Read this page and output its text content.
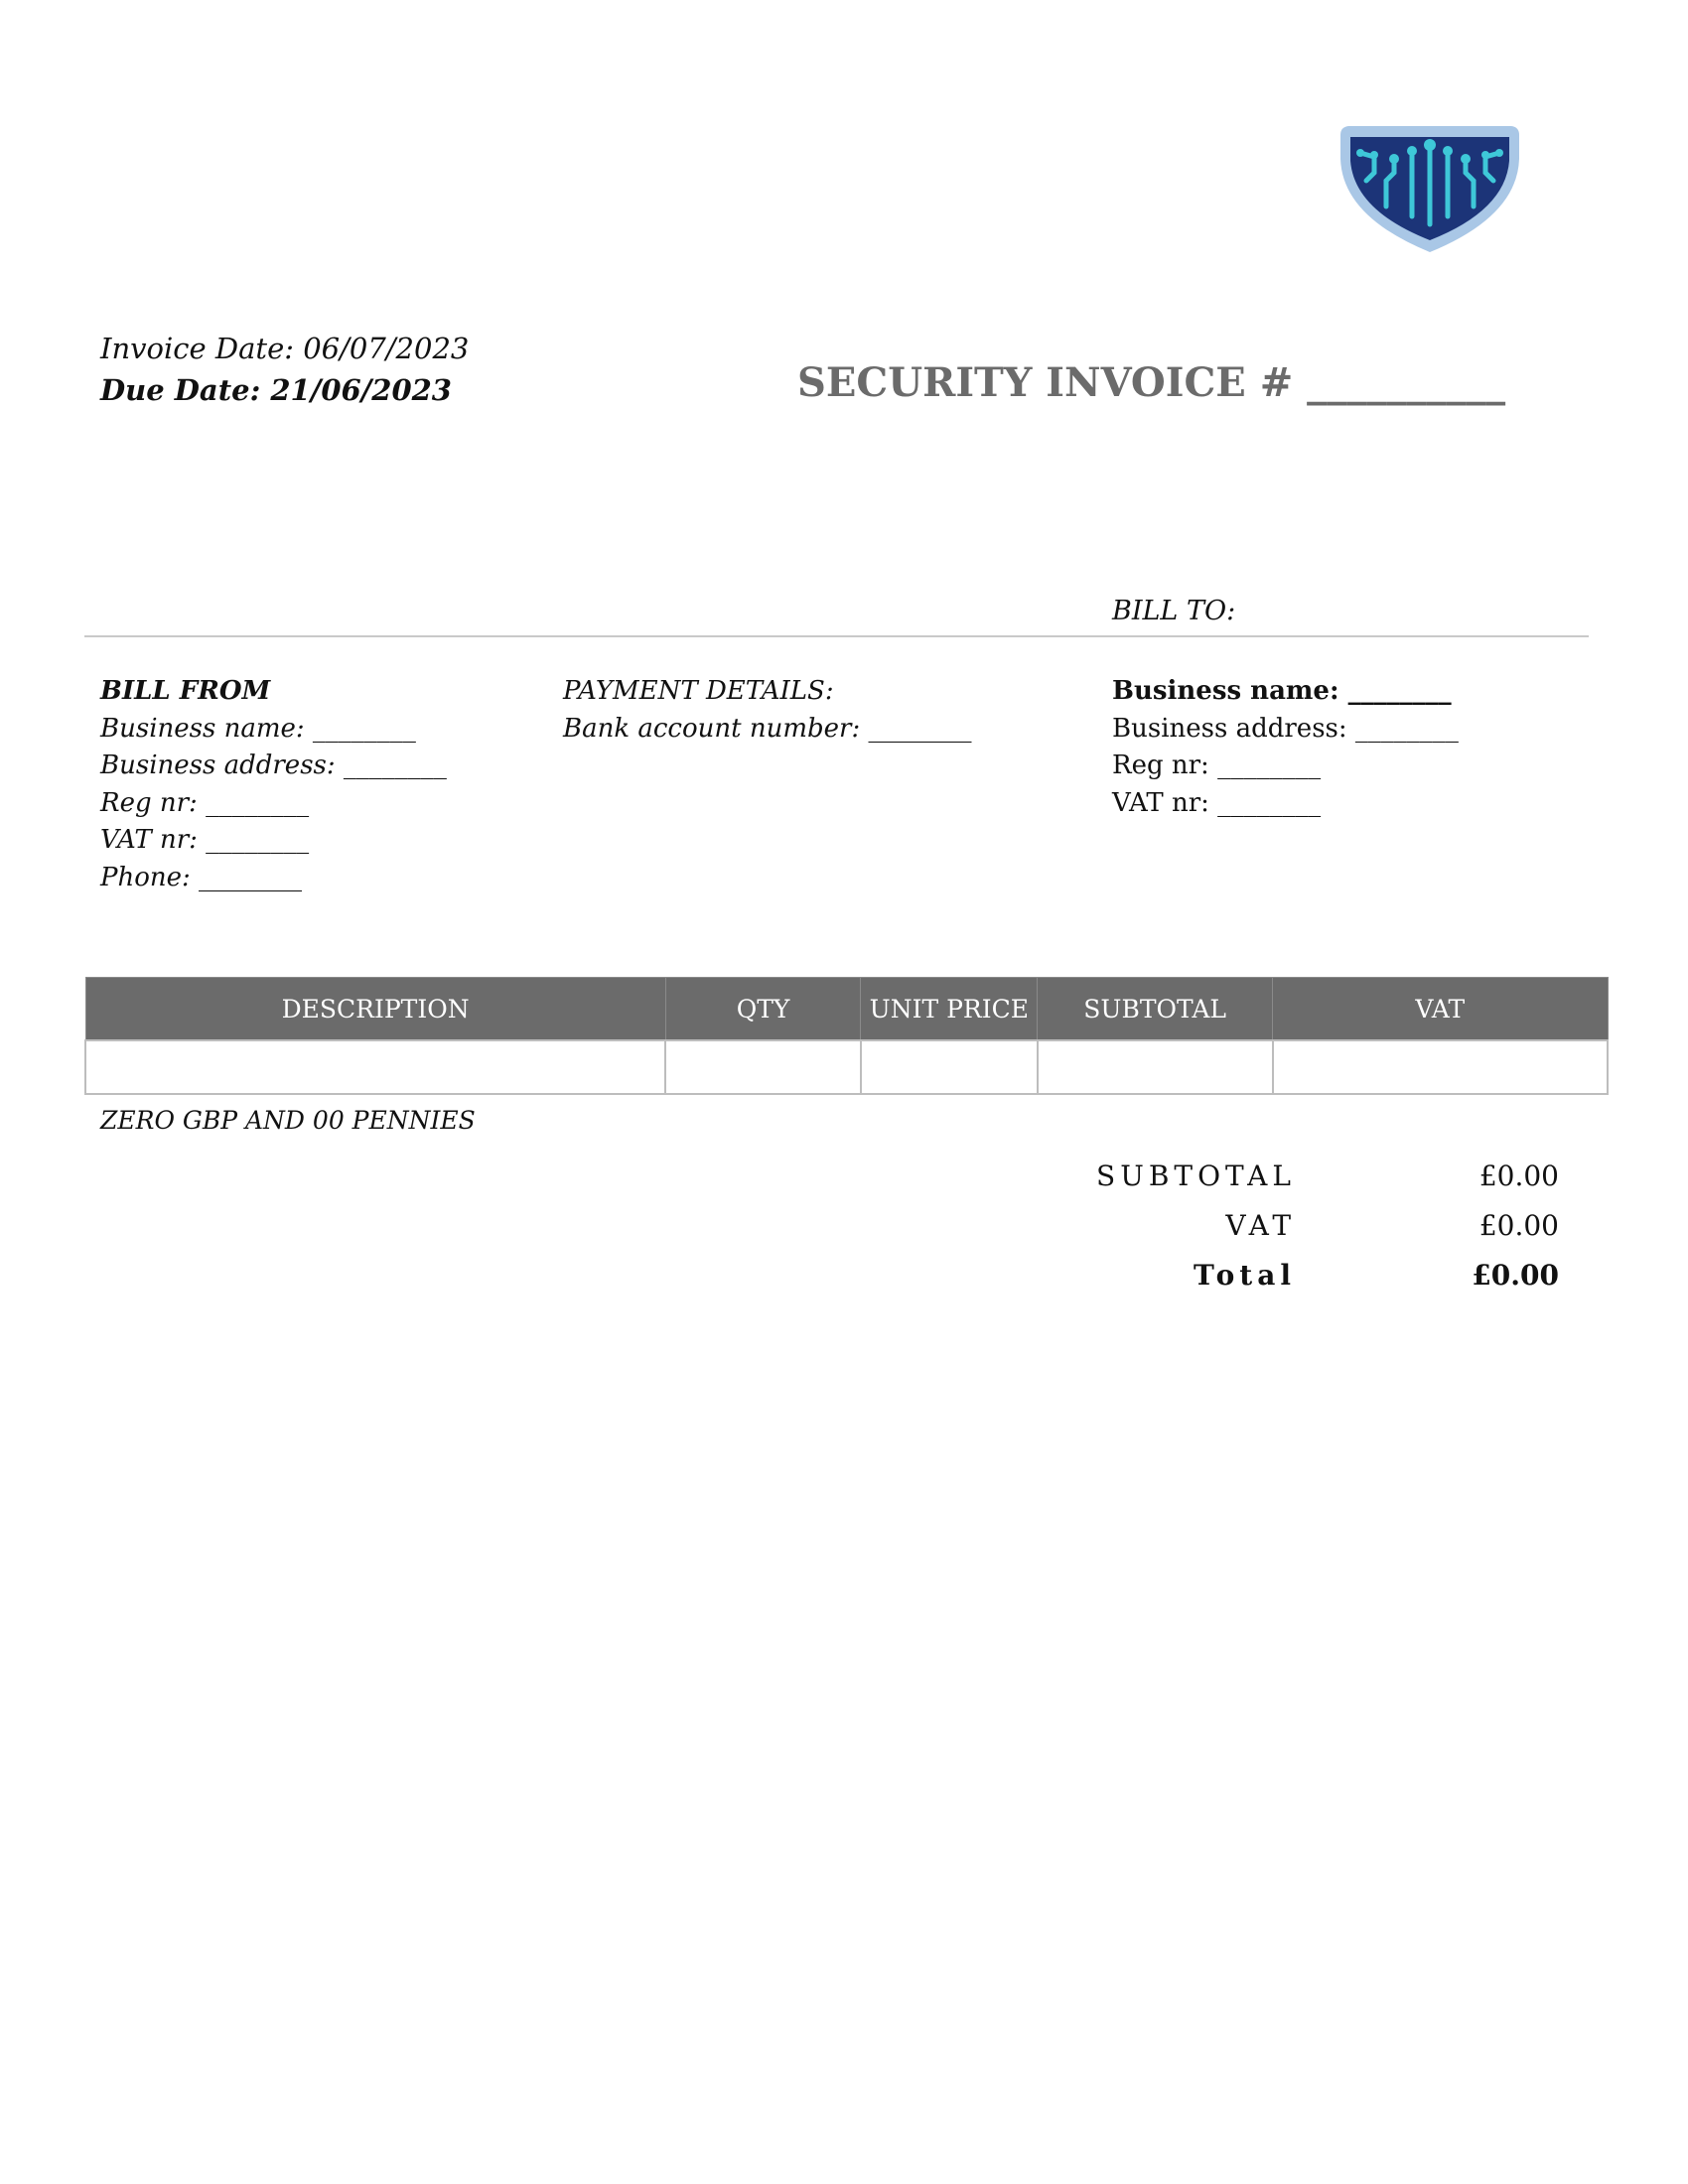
Invoice Date: 06/07/2023
Due Date: 21/06/2023	SECURITY INVOICE # __________
BILL TO:
BILL FROM
Business name: ________
Business address: ________
Reg nr: ________
VAT nr: ________
Phone: ________
PAYMENT DETAILS:
Bank account number: ________
Business name: ________
Business address: ________
Reg nr: ________
VAT nr: ________
DESCRIPTION	QTY	UNIT PRICE	SUBTOTAL	VAT

ZERO GBP AND 00 PENNIES
SUBTOTAL	£0.00
VAT	£0.00
Total	£0.00
